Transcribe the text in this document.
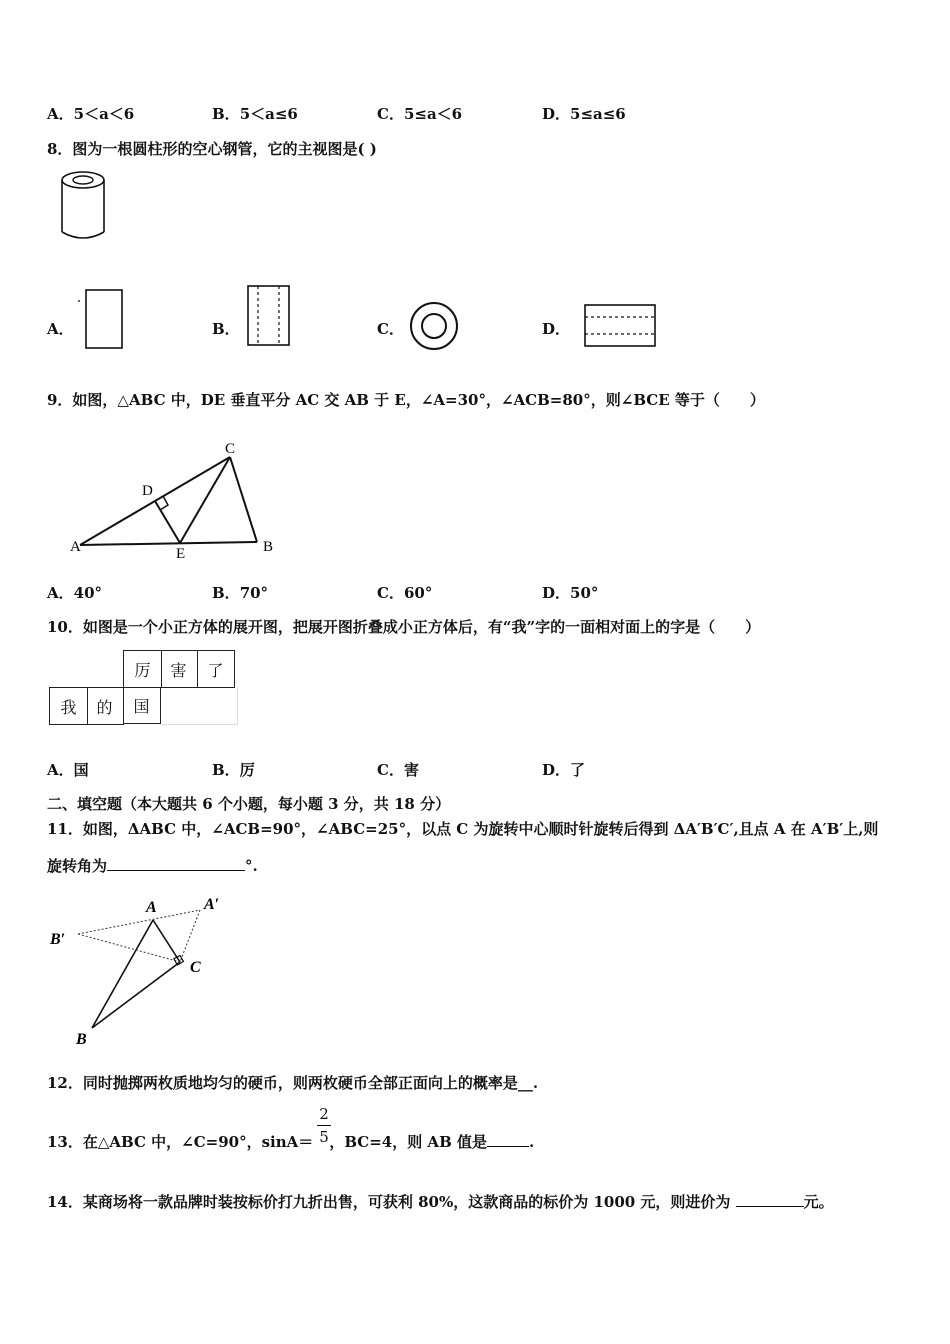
A．5＜a＜6	B．5＜a≤6	C．5≤a＜6	D．5≤a≤6
8．图为一根圆柱形的空心钢管，它的主视图是( )
A．	B．	C．	D．
9．如图，△ABC 中，DE 垂直平分 AC 交 AB 于 E，∠A=30°，∠ACB=80°，则∠BCE 等于（　　）
A	B
C
D
E
A．40°	B．70°	C．60°	D．50°
10．如图是一个小正方体的展开图，把展开图折叠成小正方体后，有“我”字的一面相对面上的字是（　　）
厉	害	了
我	的	国
A．国	B．厉	C．害	D．了
二、填空题（本大题共 6 个小题，每小题 3 分，共 18 分）
11．如图，ΔABC 中，∠ACB=90°，∠ABC=25°，以点 C 为旋转中心顺时针旋转后得到 ΔA′B′C′,且点 A 在 A′B′上,则
旋转角为	°.
A	A′
B′
C
B
12．同时抛掷两枚质地均匀的硬币，则两枚硬币全部正面向上的概率是__.
13．在△ABC 中，∠C=90°，sinA＝ ，BC=4，则 AB 值是	.
2
5
14．某商场将一款品牌时装按标价打九折出售，可获利 80%，这款商品的标价为 1000 元，则进价为	元。
